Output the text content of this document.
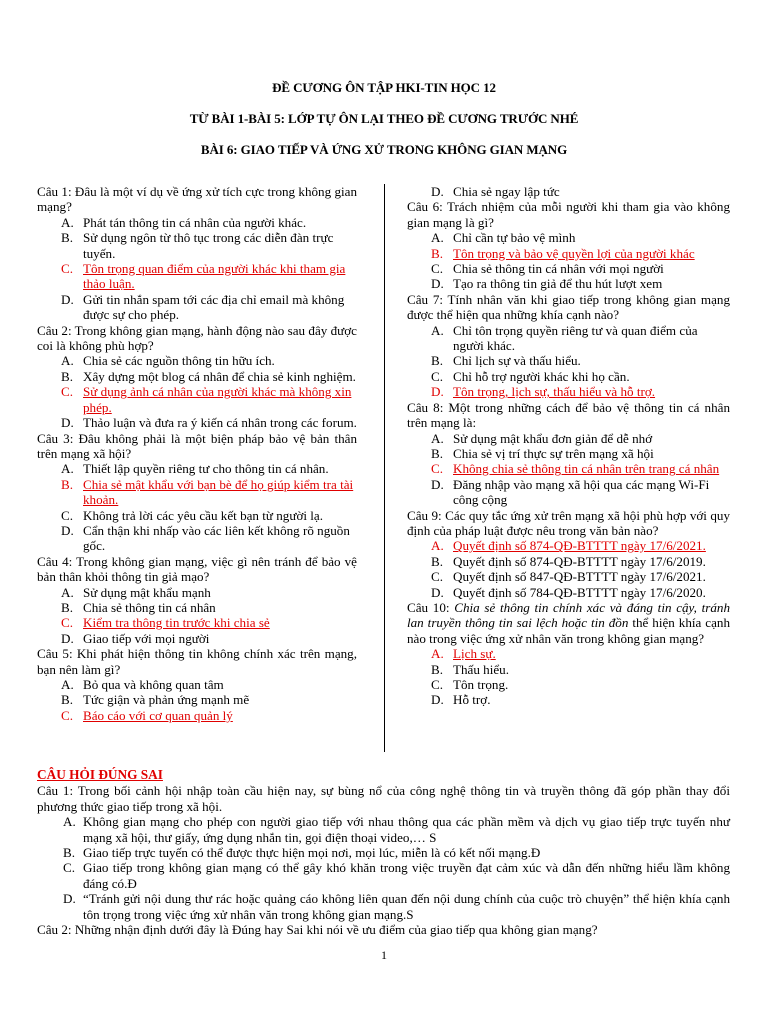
ĐỀ CƯƠNG ÔN TẬP HKI-TIN HỌC 12
TỪ BÀI 1-BÀI 5: LỚP TỰ ÔN LẠI THEO ĐỀ CƯƠNG TRƯỚC NHÉ
BÀI 6: GIAO TIẾP VÀ ỨNG XỬ TRONG KHÔNG GIAN MẠNG

Câu 1: Đâu là một ví dụ về ứng xử tích cực trong không gian mạng?

A. Phát tán thông tin cá nhân của người khác.
B. Sử dụng ngôn từ thô tục trong các diễn đàn trực tuyến.
C. Tôn trọng quan điểm của người khác khi tham gia thảo luận.
D. Gửi tin nhắn spam tới các địa chỉ email mà không được sự cho phép.

Câu 2: Trong không gian mạng, hành động nào sau đây được coi là không phù hợp?

A. Chia sẻ các nguồn thông tin hữu ích.
B. Xây dựng một blog cá nhân để chia sẻ kinh nghiệm.
C. Sử dụng ảnh cá nhân của người khác mà không xin phép.
D. Thảo luận và đưa ra ý kiến cá nhân trong các forum.

Câu 3: Đâu không phải là một biện pháp bảo vệ bản thân trên mạng xã hội?

A. Thiết lập quyền riêng tư cho thông tin cá nhân.
B. Chia sẻ mật khẩu với bạn bè để họ giúp kiểm tra tài khoản.
C. Không trả lời các yêu cầu kết bạn từ người lạ.
D. Cẩn thận khi nhấp vào các liên kết không rõ nguồn gốc.

Câu 4: Trong không gian mạng, việc gì nên tránh để bảo vệ bản thân khỏi thông tin giả mạo?

A. Sử dụng mật khẩu mạnh
B. Chia sẻ thông tin cá nhân
C. Kiểm tra thông tin trước khi chia sẻ
D. Giao tiếp với mọi người

Câu 5: Khi phát hiện thông tin không chính xác trên mạng, bạn nên làm gì?

A. Bỏ qua và không quan tâm
B. Tức giận và phản ứng mạnh mẽ
C. Báo cáo với cơ quan quản lý
D. Chia sẻ ngay lập tức

Câu 6: Trách nhiệm của mỗi người khi tham gia vào không gian mạng là gì?

A. Chỉ cần tự bảo vệ mình
B. Tôn trọng và bảo vệ quyền lợi của người khác
C. Chia sẻ thông tin cá nhân với mọi người
D. Tạo ra thông tin giả để thu hút lượt xem

Câu 7: Tính nhân văn khi giao tiếp trong không gian mạng được thể hiện qua những khía cạnh nào?

A. Chỉ tôn trọng quyền riêng tư và quan điểm của người khác.
B. Chỉ lịch sự và thấu hiểu.
C. Chỉ hỗ trợ người khác khi họ cần.
D. Tôn trọng, lịch sự, thấu hiểu và hỗ trợ.

Câu 8: Một trong những cách để bảo vệ thông tin cá nhân trên mạng là:

A. Sử dụng mật khẩu đơn giản để dễ nhớ
B. Chia sẻ vị trí thực sự trên mạng xã hội
C. Không chia sẻ thông tin cá nhân trên trang cá nhân
D. Đăng nhập vào mạng xã hội qua các mạng Wi-Fi công cộng

Câu 9: Các quy tắc ứng xử trên mạng xã hội phù hợp với quy định của pháp luật được nêu trong văn bản nào?

A. Quyết định số 874-QĐ-BTTTT ngày 17/6/2021.
B. Quyết định số 874-QĐ-BTTTT ngày 17/6/2019.
C. Quyết định số 847-QĐ-BTTTT ngày 17/6/2021.
D. Quyết định số 784-QĐ-BTTTT ngày 17/6/2020.

Câu 10: Chia sẻ thông tin chính xác và đáng tin cậy, tránh lan truyền thông tin sai lệch hoặc tin đồn thể hiện khía cạnh nào trong việc ứng xử nhân văn trong không gian mạng?

A. Lịch sự.
B. Thấu hiểu.
C. Tôn trọng.
D. Hỗ trợ.
CÂU HỎI ĐÚNG SAI

Câu 1: Trong bối cảnh hội nhập toàn cầu hiện nay, sự bùng nổ của công nghệ thông tin và truyền thông đã góp phần thay đổi phương thức giao tiếp trong xã hội.

A. Không gian mạng cho phép con người giao tiếp với nhau thông qua các phần mềm và dịch vụ giao tiếp trực tuyến như mạng xã hội, thư giấy, ứng dụng nhắn tin, gọi điện thoại video,… S
B. Giao tiếp trực tuyến có thể được thực hiện mọi nơi, mọi lúc, miễn là có kết nối mạng.Đ
C. Giao tiếp trong không gian mạng có thể gây khó khăn trong việc truyền đạt cảm xúc và dẫn đến những hiểu lầm không đáng có.Đ
D. “Tránh gửi nội dung thư rác hoặc quảng cáo không liên quan đến nội dung chính của cuộc trò chuyện” thể hiện khía cạnh tôn trọng trong việc ứng xử nhân văn trong không gian mạng.S

Câu 2: Những nhận định dưới đây là Đúng hay Sai khi nói về ưu điểm của giao tiếp qua không gian mạng?

1
